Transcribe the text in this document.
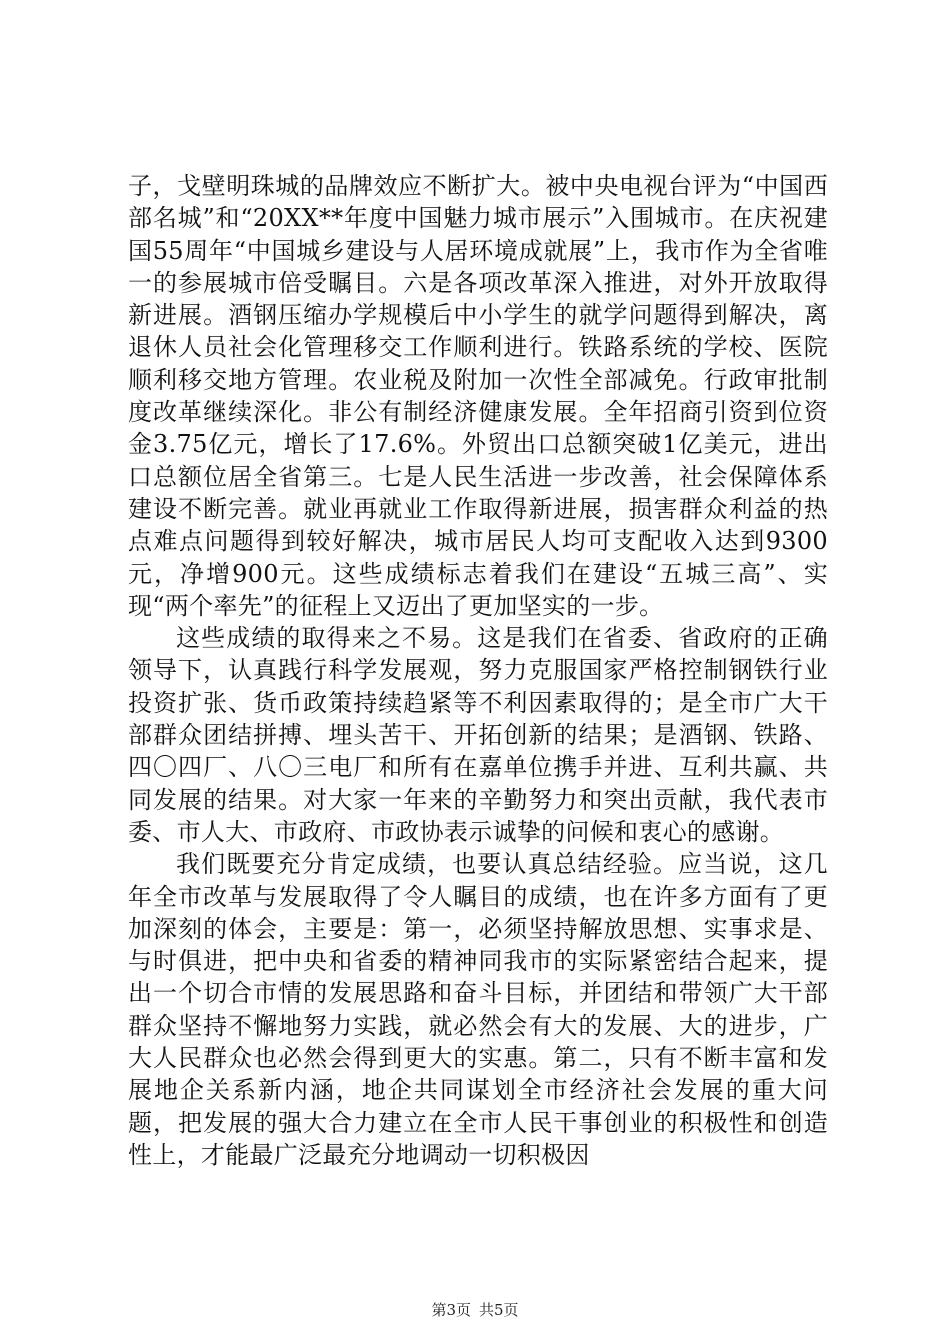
子，戈壁明珠城的品牌效应不断扩大。被中央电视台评为“中国西部名城”和“20XX**年度中国魅力城市展示”入围城市。在庆祝建国55周年“中国城乡建设与人居环境成就展”上，我市作为全省唯一的参展城市倍受瞩目。六是各项改革深入推进，对外开放取得新进展。酒钢压缩办学规模后中小学生的就学问题得到解决，离退休人员社会化管理移交工作顺利进行。铁路系统的学校、医院顺利移交地方管理。农业税及附加一次性全部减免。行政审批制度改革继续深化。非公有制经济健康发展。全年招商引资到位资金3.75亿元，增长了17.6%。外贸出口总额突破1亿美元，进出口总额位居全省第三。七是人民生活进一步改善，社会保障体系建设不断完善。就业再就业工作取得新进展，损害群众利益的热点难点问题得到较好解决，城市居民人均可支配收入达到9300元，净增900元。这些成绩标志着我们在建设“五城三高”、实现“两个率先”的征程上又迈出了更加坚实的一步。

这些成绩的取得来之不易。这是我们在省委、省政府的正确领导下，认真践行科学发展观，努力克服国家严格控制钢铁行业投资扩张、货币政策持续趋紧等不利因素取得的；是全市广大干部群众团结拼搏、埋头苦干、开拓创新的结果；是酒钢、铁路、四〇四厂、八〇三电厂和所有在嘉单位携手并进、互利共赢、共同发展的结果。对大家一年来的辛勤努力和突出贡献，我代表市委、市人大、市政府、市政协表示诚挚的问候和衷心的感谢。

我们既要充分肯定成绩，也要认真总结经验。应当说，这几年全市改革与发展取得了令人瞩目的成绩，也在许多方面有了更加深刻的体会，主要是：第一，必须坚持解放思想、实事求是、与时俱进，把中央和省委的精神同我市的实际紧密结合起来，提出一个切合市情的发展思路和奋斗目标，并团结和带领广大干部群众坚持不懈地努力实践，就必然会有大的发展、大的进步，广大人民群众也必然会得到更大的实惠。第二，只有不断丰富和发展地企关系新内涵，地企共同谋划全市经济社会发展的重大问题，把发展的强大合力建立在全市人民干事创业的积极性和创造性上，才能最广泛最充分地调动一切积极因

第3页 共5页
